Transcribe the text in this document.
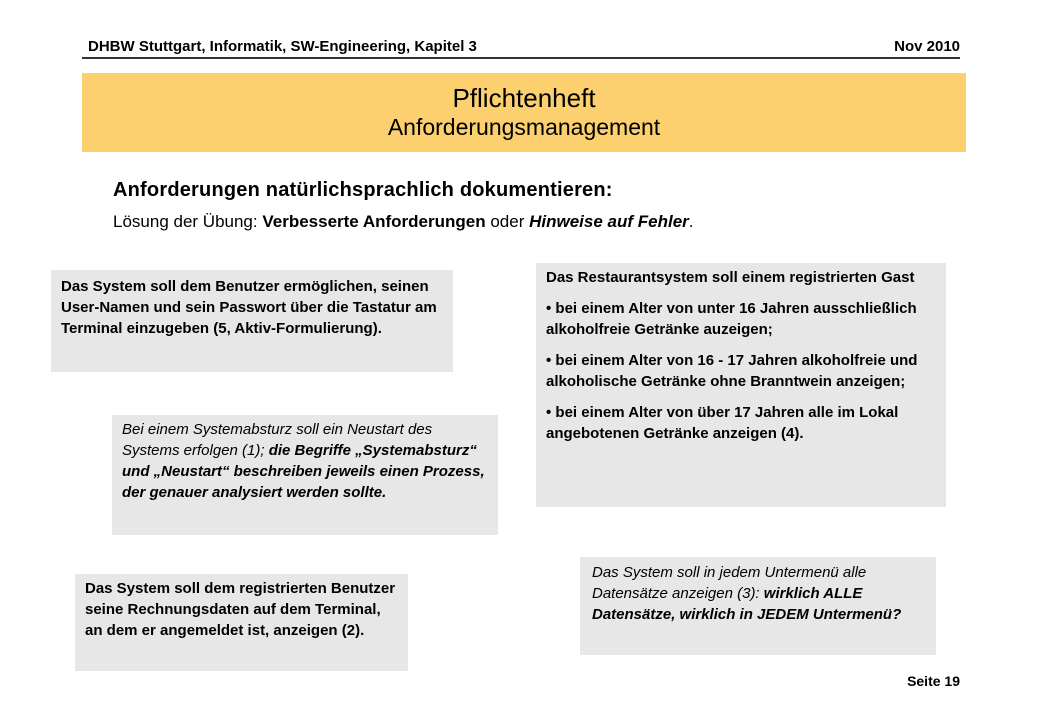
DHBW Stuttgart, Informatik, SW-Engineering, Kapitel 3	Nov 2010
Pflichtenheft
Anforderungsmanagement
Anforderungen natürlichsprachlich dokumentieren:
Lösung der Übung: Verbesserte Anforderungen oder Hinweise auf Fehler.
Das System soll dem Benutzer ermöglichen, seinen User-Namen und sein Passwort über die Tastatur am Terminal einzugeben (5, Aktiv-Formulierung).
Bei einem Systemabsturz soll ein Neustart des Systems erfolgen (1); die Begriffe „Systemabsturz“ und „Neustart“ beschreiben jeweils einen Prozess, der genauer analysiert werden sollte.

Das Restaurantsystem soll einem registrierten Gast

• bei einem Alter von unter 16 Jahren ausschließlich alkoholfreie Getränke auzeigen;

• bei einem Alter von 16 - 17 Jahren alkoholfreie und alkoholische Getränke ohne Branntwein anzeigen;

• bei einem Alter von über 17 Jahren alle im Lokal angebotenen Getränke anzeigen (4).

Das System soll dem registrierten Benutzer seine Rechnungsdaten auf dem Terminal, an dem er angemeldet ist, anzeigen (2).
Das System soll in jedem Untermenü alle Datensätze anzeigen (3): wirklich ALLE Datensätze, wirklich in JEDEM Untermenü?
Seite 19
